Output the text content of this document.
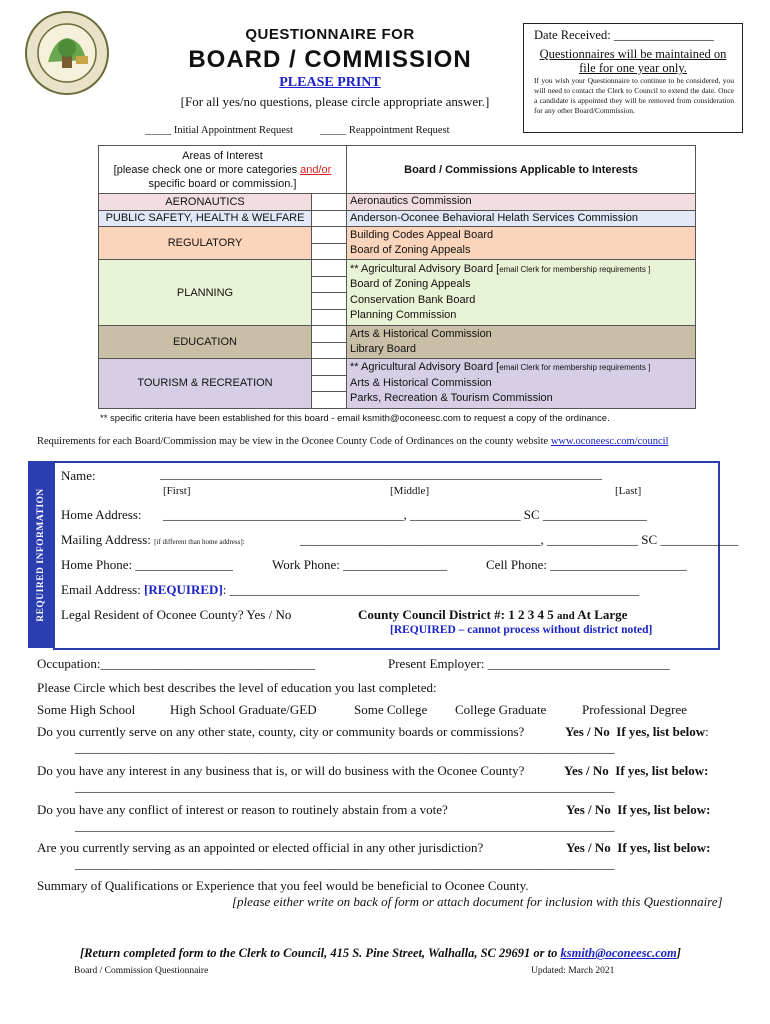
QUESTIONNAIRE FOR
BOARD / COMMISSION
PLEASE PRINT
[For all yes/no questions, please circle appropriate answer.]
_____ Initial Appointment Request	_____ Reappointment Request
Date Received: ________________
Questionnaires will be maintained on file for one year only.
If you wish your Questionnaire to continue to be considered, you will need to contact the Clerk to Council to extend the date. Once a candidate is appointed they will be removed from consideration for any other Board/Commission.
Areas of Interest
[please check one or more categories and/or
specific board or commission.]		Board / Commissions Applicable to Interests
AERONAUTICS		Aeronautics Commission

PUBLIC SAFETY, HEALTH & WELFARE		Anderson-Oconee Behavioral Helath Services Commission

REGULATORY		Building Codes Appeal Board
Board of Zoning Appeals

PLANNING		** Agricultural Advisory Board [email Clerk for membership requirements ]
Board of Zoning Appeals
Conservation Bank Board
Planning Commission

EDUCATION		Arts & Historical Commission
Library Board

TOURISM & RECREATION		** Agricultural Advisory Board [email Clerk for membership requirements ]
Arts & Historical Commission
Parks, Recreation & Tourism Commission
** specific criteria have been established for this board - email ksmith@oconeesc.com to request a copy of the ordinance.
Requirements for each Board/Commission may be view in the Oconee County Code of Ordinances on the county website www.oconeesc.com/council
REQUIRED INFORMATION
Name:	____________________________________________________________________
[First]	[Middle]	[Last]
Home Address: _____________________________________, _________________ SC ________________
Mailing Address: [if different than home address]:	_____________________________________, ______________ SC ____________
Home Phone: _______________	Work Phone: ________________	Cell Phone: _____________________
Email Address: [REQUIRED]: _______________________________________________________________
Legal Resident of Oconee County? Yes / No	County Council District #: 1 2 3 4 5 and At Large
[REQUIRED – cannot process without district noted]
Occupation:_________________________________	Present Employer: ____________________________
Please Circle which best describes the level of education you last completed:
Some High School	High School Graduate/GED	Some College College Graduate	Professional Degree
Do you currently serve on any other state, county, city or community boards or commissions?	Yes / No If yes, list below:
___________________________________________________________________________________
Do you have any interest in any business that is, or will do business with the Oconee County?	Yes / No If yes, list below:
___________________________________________________________________________________
Do you have any conflict of interest or reason to routinely abstain from a vote?	Yes / No If yes, list below:
___________________________________________________________________________________
Are you currently serving as an appointed or elected official in any other jurisdiction?	Yes / No If yes, list below:
___________________________________________________________________________________
Summary of Qualifications or Experience that you feel would be beneficial to Oconee County.
[please either write on back of form or attach document for inclusion with this Questionnaire]
[Return completed form to the Clerk to Council, 415 S. Pine Street, Walhalla, SC 29691 or to ksmith@oconeesc.com]
Board / Commission Questionnaire	Updated: March 2021
